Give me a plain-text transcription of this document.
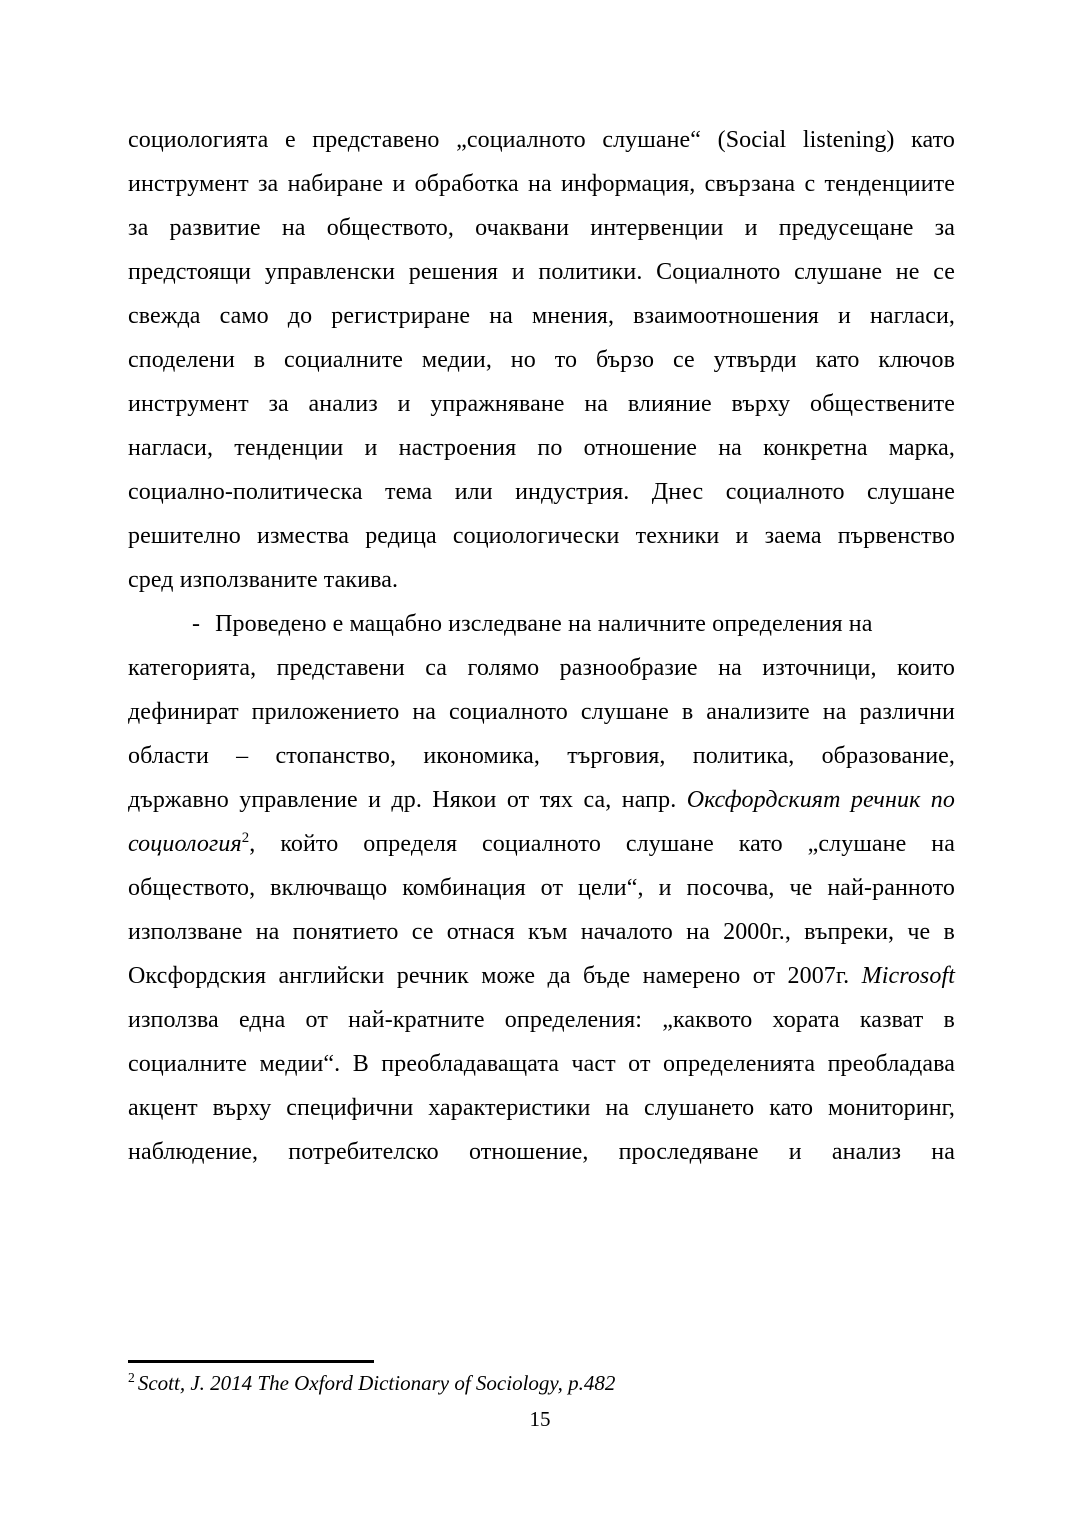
социологията е представено „социалното слушане“ (Social listening) като
инструмент за набиране и обработка на информация, свързана с тенденциите
за развитие на обществото, очаквани интервенции и предусещане за
предстоящи управленски решения и политики. Социалното слушане не се
свежда само до регистриране на мнения, взаимоотношения и нагласи,
споделени в социалните медии, но то бързо се утвърди като ключов
инструмент за анализ и упражняване на влияние върху обществените
нагласи, тенденции и настроения по отношение на конкретна марка,
социално-политическа тема или индустрия. Днес социалното слушане
решително измества редица социологически техники и заема първенство
сред използваните такива.
- Проведено е мащабно изследване на наличните определения на
категорията, представени са голямо разнообразие на източници, които
дефинират приложението на социалното слушане в анализите на различни
области – стопанство, икономика, търговия, политика, образование,
държавно управление и др. Някои от тях са, напр. Оксфордският речник по
социология$^2$, който определя социалното слушане като „слушане на
обществото, включващо комбинация от цели“, и посочва, че най-ранното
използване на понятието се отнася към началото на 2000г., въпреки, че в
Оксфордския английски речник може да бъде намерено от 2007г. Microsoft
използва една от най-кратните определения: „каквото хората казват в
социалните медии“. В преобладаващата част от определенията преобладава
акцент върху специфични характеристики на слушането като мониторинг,
наблюдение, потребителско отношение, проследяване и анализ на
$^2$ Scott, J. 2014 The Oxford Dictionary of Sociology, p.482
15
